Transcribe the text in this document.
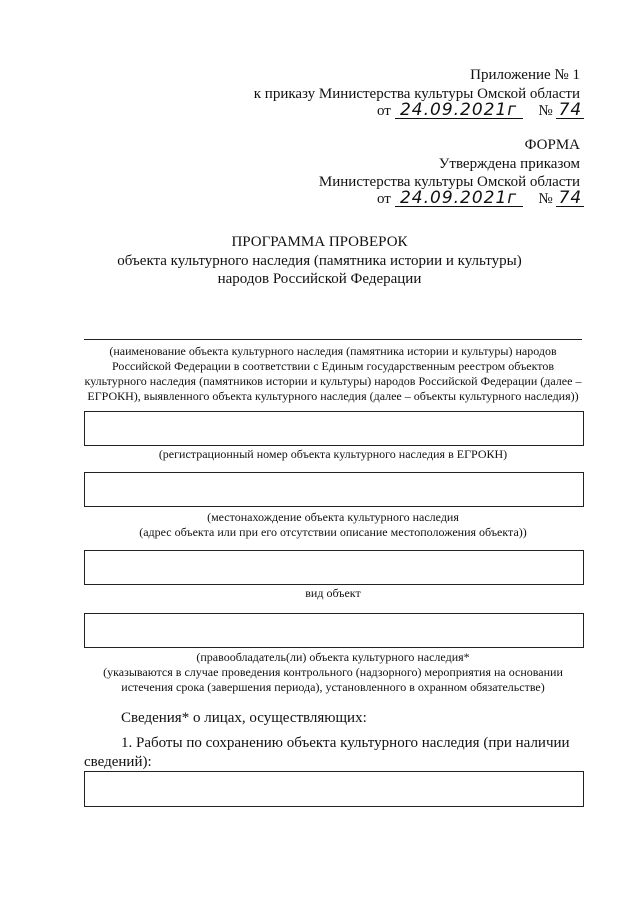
Приложение № 1
к приказу Министерства культуры Омской области
от 24.09.2021г № 74
ФОРМА
Утверждена приказом
Министерства культуры Омской области
от 24.09.2021г № 74
ПРОГРАММА ПРОВЕРОК
объекта культурного наследия (памятника истории и культуры)
народов Российской Федерации
(наименование объекта культурного наследия (памятника истории и культуры) народов
Российской Федерации в соответствии с Единым государственным реестром объектов
культурного наследия (памятников истории и культуры) народов Российской Федерации (далее –
ЕГРОКН), выявленного объекта культурного наследия (далее – объекты культурного наследия))
(регистрационный номер объекта культурного наследия в ЕГРОКН)
(местонахождение объекта культурного наследия
(адрес объекта или при его отсутствии описание местоположения объекта))
вид объект
(правообладатель(ли) объекта культурного наследия*
(указываются в случае проведения контрольного (надзорного) мероприятия на основании
истечения срока (завершения периода), установленного в охранном обязательстве)
Сведения* о лицах, осуществляющих:
1. Работы по сохранению объекта культурного наследия (при наличии
сведений):
